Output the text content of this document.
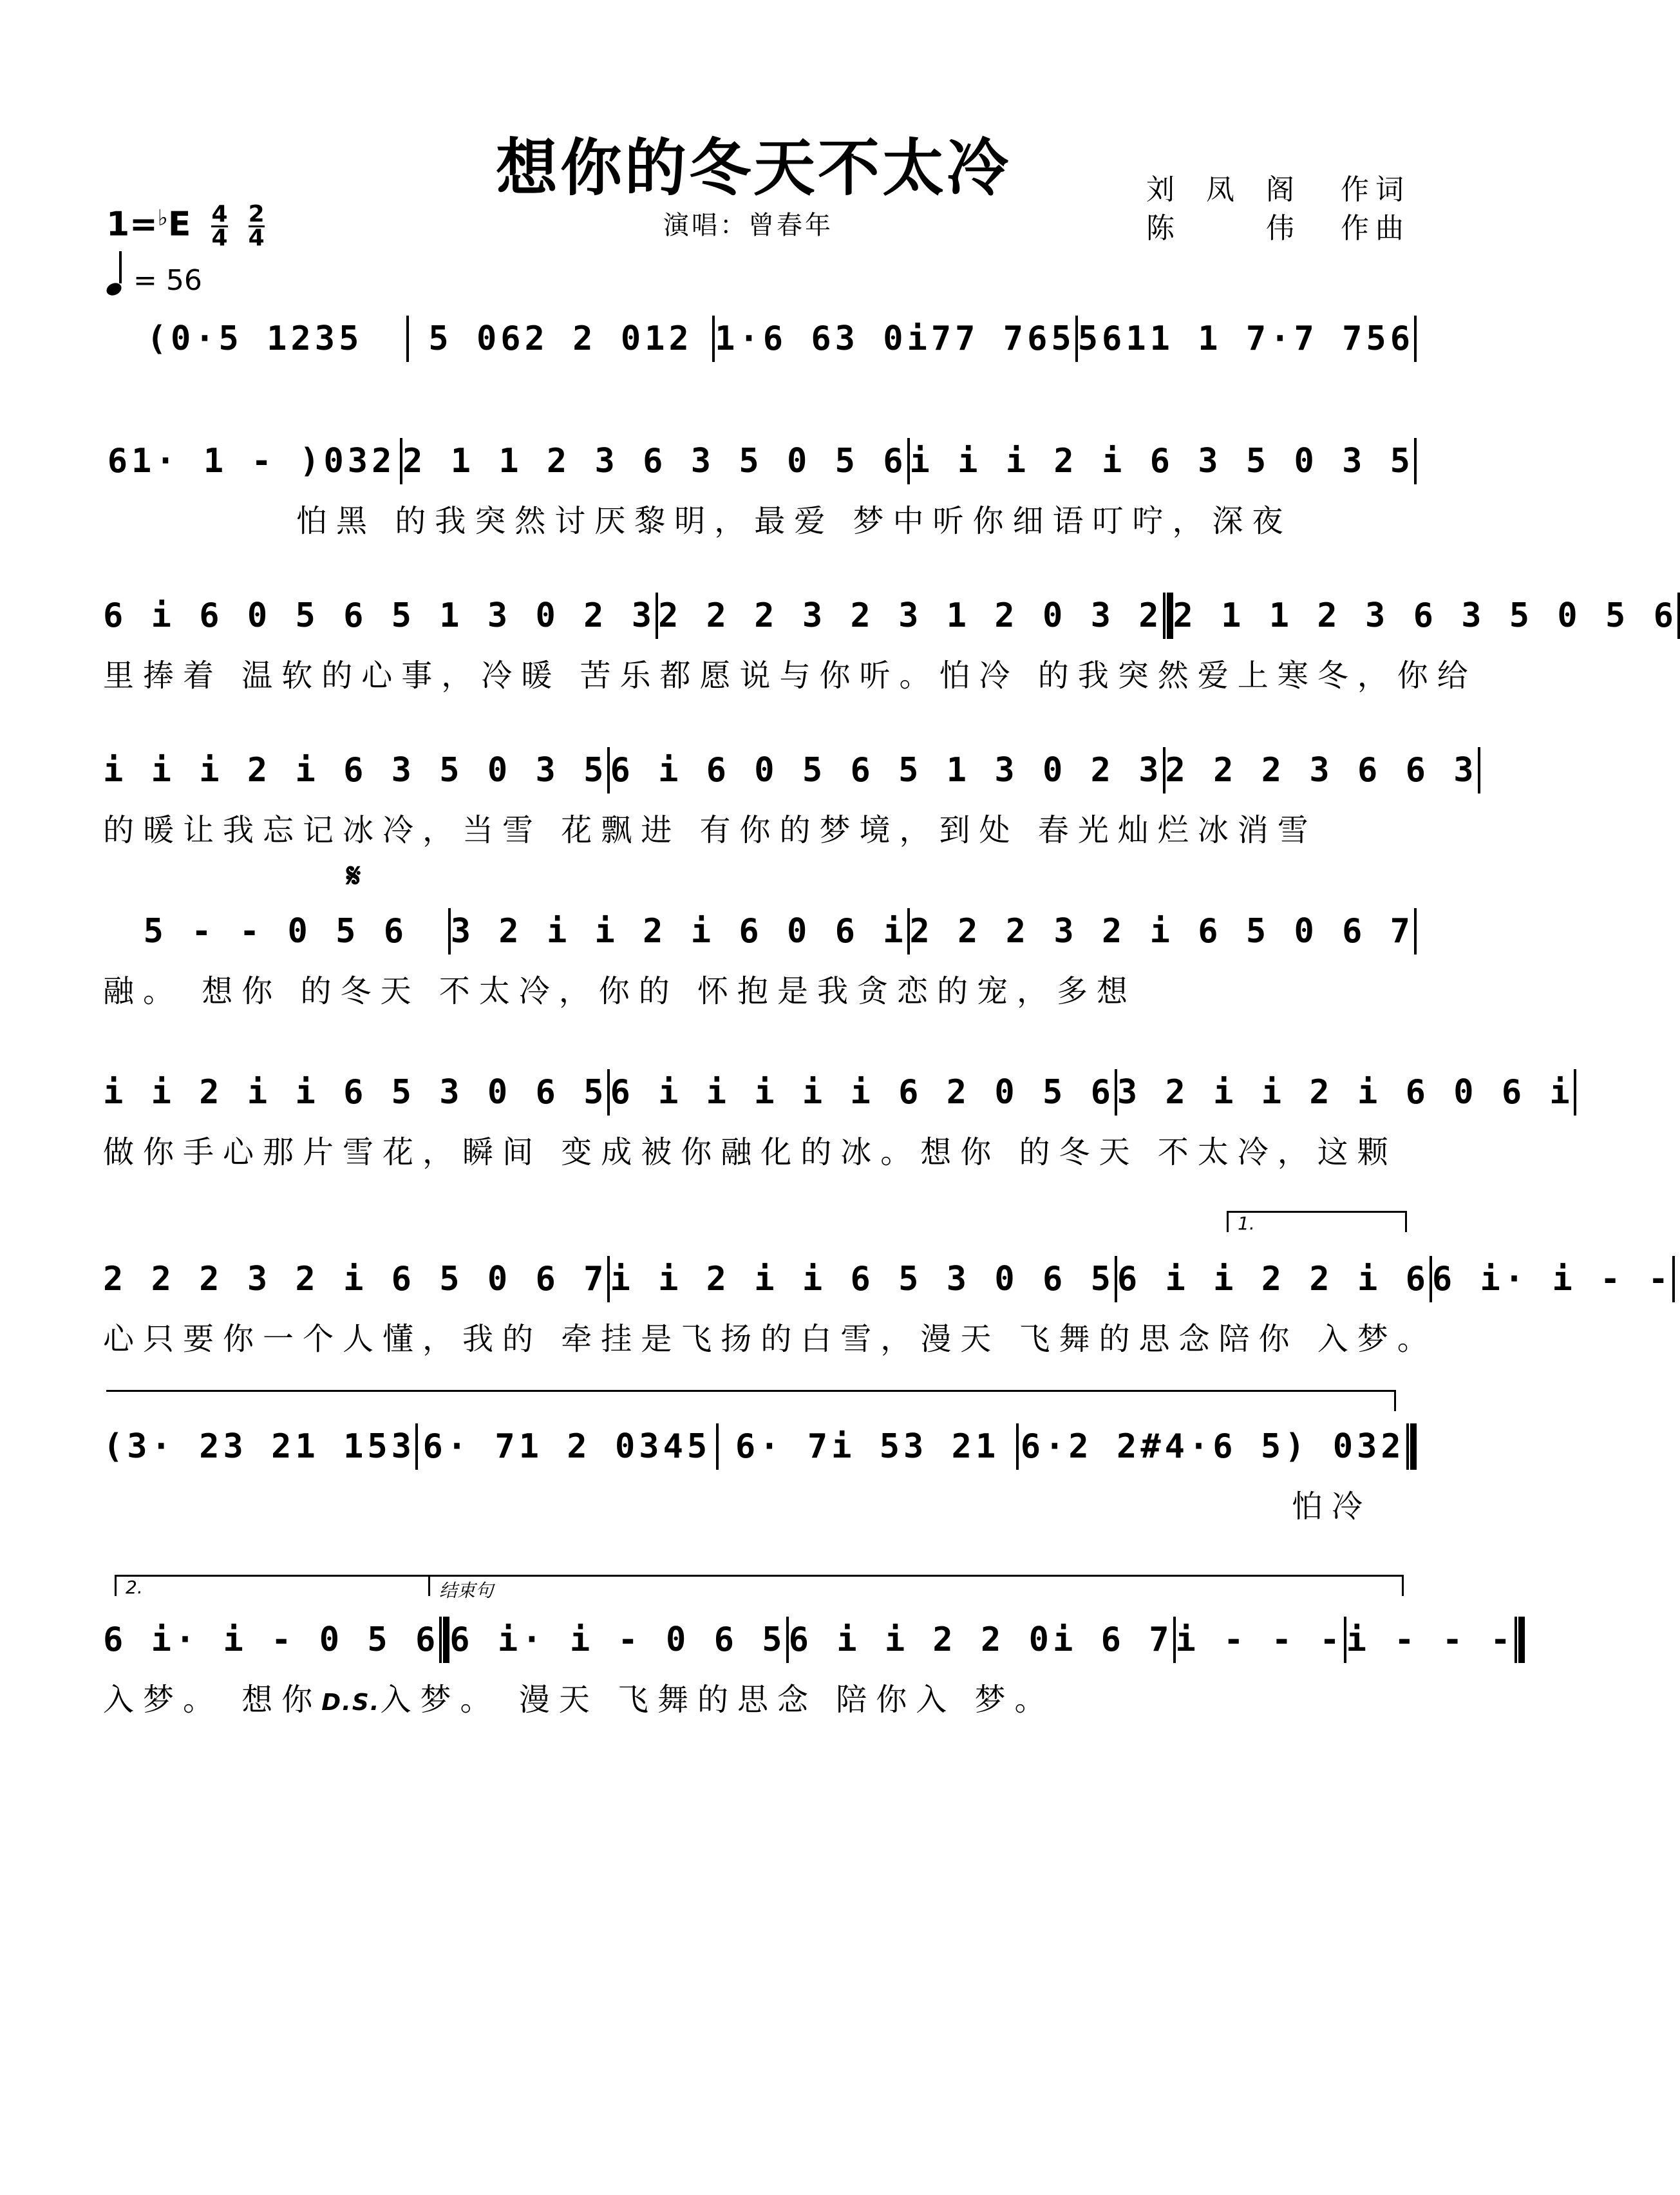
想你的冬天不太冷
演唱：曾春年
刘 凤 阁 作词
陈	伟 作曲
$1=^♭E \frac{4}{4}$
$\frac{2}{4}$
= 56
(0·5 1235	5 062 2 012 1·6 63 0i77 765 5611 1 7·7 756
61· 1 - )032 2 1 1 2 3 6 3 5 0 5 6 i i i 2 i 6 3 5 0 3 5
怕黑 的我突然讨厌黎明，最爱 梦中听你细语叮咛，深夜
6 i 6 0 5 6 5 1 3 0 2 3 2 2 2 3 2 3 1 2 0 3 2 2 1 1 2 3 6 3 5 0 5 6
里捧着 温软的心事，冷暖 苦乐都愿说与你听。怕冷 的我突然爱上寒冬，你给
i i i 2 i 6 3 5 0 3 5 6 i 6 0 5 6 5 1 3 0 2 3 2 2 2 3 6 6 3
的暖让我忘记冰冷，当雪 花飘进 有你的梦境，到处 春光灿烂冰消雪
𝄋
5 - - 0 5 6	3 2 i i 2 i 6 0 6 i 2 2 2 3 2 i 6 5 0 6 7
融。 想你 的冬天 不太冷，你的 怀抱是我贪恋的宠，多想
i i 2 i i 6 5 3 0 6 5 6 i i i i i 6 2 0 5 6 3 2 i i 2 i 6 0 6 i
做你手心那片雪花，瞬间 变成被你融化的冰。想你 的冬天 不太冷，这颗
1.
2 2 2 3 2 i 6 5 0 6 7 i i 2 i i 6 5 3 0 6 5 6 i i 2 2 i 6 6 i· i - -
心只要你一个人懂，我的 牵挂是飞扬的白雪，漫天 飞舞的思念陪你 入梦。
(3· 23 21 153 6· 71 2 0345 6· 7i 53 21 6·2 2#4·6 5) 032
怕冷
2.	结束句
6 i· i - 0 5 6 6 i· i - 0 6 5 6 i i 2 2 0i 6 7 i - - - i - - -
入梦。 想你D.S.入梦。 漫天 飞舞的思念 陪你入 梦。
